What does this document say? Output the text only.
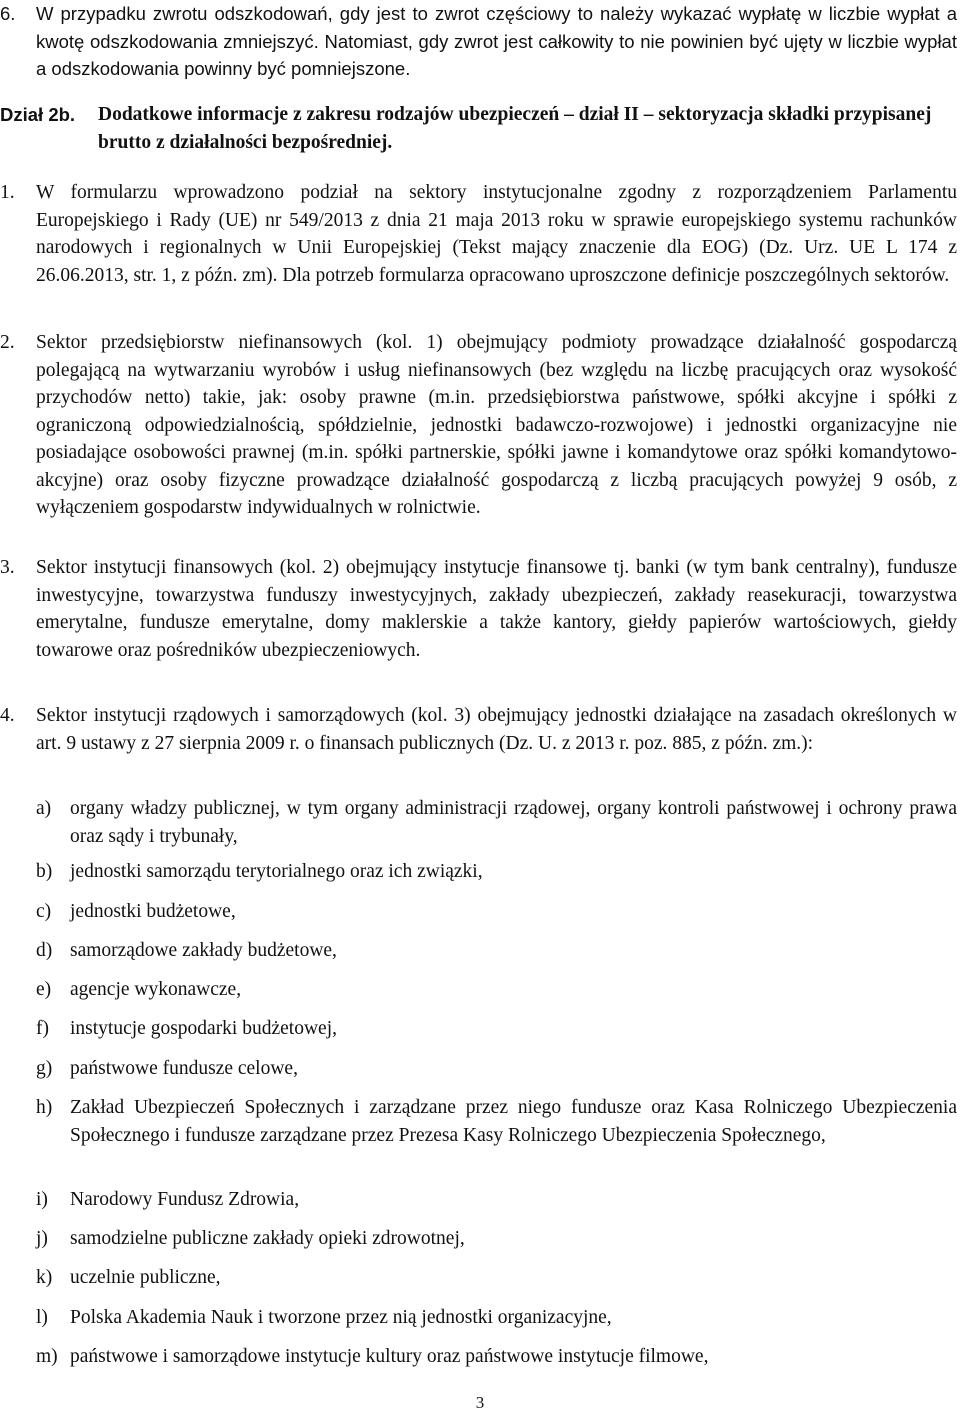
6.	W przypadku zwrotu odszkodowań, gdy jest to zwrot częściowy to należy wykazać wypłatę w liczbie wypłat a kwotę odszkodowania zmniejszyć. Natomiast, gdy zwrot jest całkowity to nie powinien być ujęty w liczbie wypłat a odszkodowania powinny być pomniejszone.
Dział 2b.	Dodatkowe informacje z zakresu rodzajów ubezpieczeń – dział II – sektoryzacja składki przypisanej brutto z działalności bezpośredniej.
1.	W formularzu wprowadzono podział na sektory instytucjonalne zgodny z rozporządzeniem Parlamentu Europejskiego i Rady (UE) nr 549/2013 z dnia 21 maja 2013 roku w sprawie europejskiego systemu rachunków narodowych i regionalnych w Unii Europejskiej (Tekst mający znaczenie dla EOG) (Dz. Urz. UE L 174 z 26.06.2013, str. 1, z późn. zm). Dla potrzeb formularza opracowano uproszczone definicje poszczególnych sektorów.
2.	Sektor przedsiębiorstw niefinansowych (kol. 1) obejmujący podmioty prowadzące działalność gospodarczą polegającą na wytwarzaniu wyrobów i usług niefinansowych (bez względu na liczbę pracujących oraz wysokość przychodów netto) takie, jak: osoby prawne (m.in. przedsiębiorstwa państwowe, spółki akcyjne i spółki z ograniczoną odpowiedzialnością, spółdzielnie, jednostki badawczo-rozwojowe) i jednostki organizacyjne nie posiadające osobowości prawnej (m.in. spółki partnerskie, spółki jawne i komandytowe oraz spółki komandytowo-akcyjne) oraz osoby fizyczne prowadzące działalność gospodarczą z liczbą pracujących powyżej 9 osób, z wyłączeniem gospodarstw indywidualnych w rolnictwie.
3.	Sektor instytucji finansowych (kol. 2) obejmujący instytucje finansowe tj. banki (w tym bank centralny), fundusze inwestycyjne, towarzystwa funduszy inwestycyjnych, zakłady ubezpieczeń, zakłady reasekuracji, towarzystwa emerytalne, fundusze emerytalne, domy maklerskie a także kantory, giełdy papierów wartościowych, giełdy towarowe oraz pośredników ubezpieczeniowych.
4.	Sektor instytucji rządowych i samorządowych (kol. 3) obejmujący jednostki działające na zasadach określonych w art. 9 ustawy z 27 sierpnia 2009 r. o finansach publicznych (Dz. U. z 2013 r. poz. 885, z późn. zm.):
a) organy władzy publicznej, w tym organy administracji rządowej, organy kontroli państwowej i ochrony prawa oraz sądy i trybunały,
b) jednostki samorządu terytorialnego oraz ich związki,
c) jednostki budżetowe,
d) samorządowe zakłady budżetowe,
e) agencje wykonawcze,
f)	instytucje gospodarki budżetowej,
g) państwowe fundusze celowe,
h) Zakład Ubezpieczeń Społecznych i zarządzane przez niego fundusze oraz Kasa Rolniczego Ubezpieczenia Społecznego i fundusze zarządzane przez Prezesa Kasy Rolniczego Ubezpieczenia Społecznego,
i)	Narodowy Fundusz Zdrowia,
j)	samodzielne publiczne zakłady opieki zdrowotnej,
k) uczelnie publiczne,
l)	Polska Akademia Nauk i tworzone przez nią jednostki organizacyjne,
m) państwowe i samorządowe instytucje kultury oraz państwowe instytucje filmowe,
3
